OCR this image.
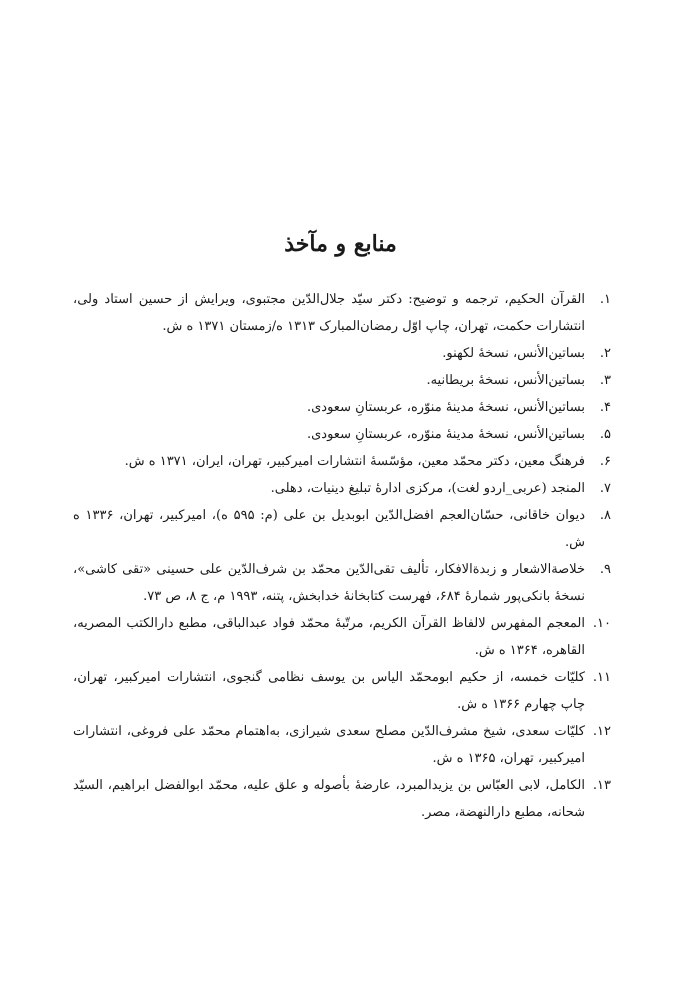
منابع و مآخذ
۱.
القرآن الحکیم، ترجمه و توضیح: دکتر سیّد جلال‌الدّین مجتبوی، ویرایش از حسین استاد ولی، انتشارات حکمت، تهران، چاپ اوّل رمضان‌المبارک ۱۳۱۳ ه/زمستان ۱۳۷۱ ه ش.
۲.
بساتین‌الأنس، نسخهٔ لکهنو.
۳.
بساتین‌الأنس، نسخهٔ بریطانیه.
۴.
بساتین‌الأنس، نسخهٔ مدینهٔ منوّره، عربستانِ سعودی.
۵.
بساتین‌الأنس، نسخهٔ مدینهٔ منوّره، عربستانِ سعودی.
۶.
فرهنگ معین، دکتر محمّد معین، مؤسّسهٔ انتشارات امیرکبیر، تهران، ایران، ۱۳۷۱ ه ش.
۷.
المنجد (عربی_اردو لغت)، مرکزی ادارهٔ تبلیغ دینیات، دهلی.
۸.
دیوان خاقانی، حسّان‌العجم افضل‌الدّین ابوبدیل بن علی (م: ۵۹۵ ه)، امیرکبیر، تهران، ۱۳۳۶ ه ش.
۹.
خلاصة‌الاشعار و زبدة‌الافکار، تألیف تقی‌الدّین محمّد بن شرف‌الدّین علی حسینی «تقی کاشی»، نسخهٔ بانکی‌پور شمارهٔ ۶۸۴، فهرست کتابخانهٔ خدابخش، پتنه، ۱۹۹۳ م، ج ۸، ص ۷۳.
۱۰.
المعجم المفهرس لالفاظ القرآن الکریم، مرتّبهٔ محمّد فواد عبدالباقی، مطبع دارالکتب المصریه، القاهره، ۱۳۶۴ ه ش.
۱۱.
کلیّات خمسه، از حکیم ابومحمّد الیاس بن یوسف نظامی گنجوی، انتشارات امیرکبیر، تهران، چاپ چهارم ۱۳۶۶ ه ش.
۱۲.
کلیّات سعدی، شیخ مشرف‌الدّین مصلح سعدی شیرازی، به‌اهتمام محمّد علی فروغی، انتشارات امیرکبیر، تهران، ۱۳۶۵ ه ش.
۱۳.
الکامل، لابی العبّاس بن یزیدالمبرد، عارضهٔ بأصوله و علق علیه، محمّد ابوالفضل ابراهیم، السیّد شحانه، مطبع دارالنهضة، مصر.
